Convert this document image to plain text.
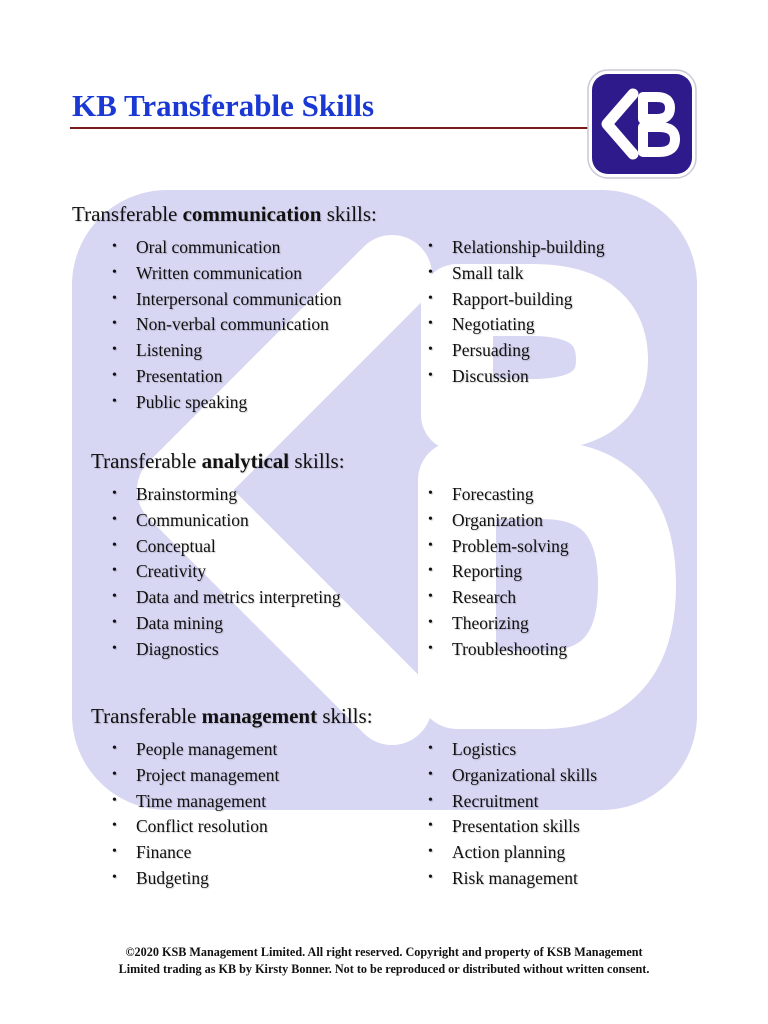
KB Transferable Skills

Transferable communication skills:

• Oral communication
• Written communication
• Interpersonal communication
• Non-verbal communication
• Listening
• Presentation
• Public speaking
• Relationship-building
• Small talk
• Rapport-building
• Negotiating
• Persuading
• Discussion

Transferable analytical skills:

• Brainstorming
• Communication
• Conceptual
• Creativity
• Data and metrics interpreting
• Data mining
• Diagnostics
• Forecasting
• Organization
• Problem-solving
• Reporting
• Research
• Theorizing
• Troubleshooting

Transferable management skills:

• People management
• Project management
• Time management
• Conflict resolution
• Finance
• Budgeting
• Logistics
• Organizational skills
• Recruitment
• Presentation skills
• Action planning
• Risk management
©2020 KSB Management Limited. All right reserved. Copyright and property of KSB Management
Limited trading as KB by Kirsty Bonner. Not to be reproduced or distributed without written consent.
